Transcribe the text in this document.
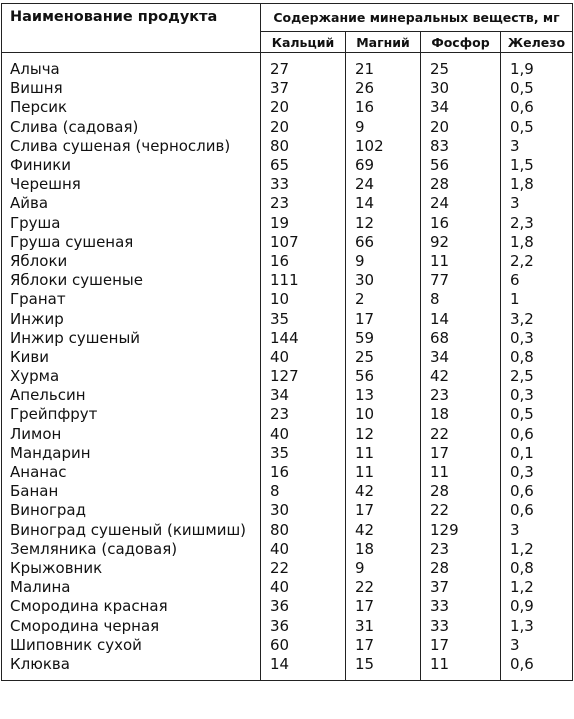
Наименование продукта	Содержание минеральных веществ, мг			
	Кальций	Магний	Фосфор	Железо
Алыча	27	21	25	1,9
Вишня	37	26	30	0,5
Персик	20	16	34	0,6
Слива (садовая)	20	9	20	0,5
Слива сушеная (чернослив)	80	102	83	3
Финики	65	69	56	1,5
Черешня	33	24	28	1,8
Айва	23	14	24	3
Груша	19	12	16	2,3
Груша сушеная	107	66	92	1,8
Яблоки	16	9	11	2,2
Яблоки сушеные	111	30	77	6
Гранат	10	2	8	1
Инжир	35	17	14	3,2
Инжир сушеный	144	59	68	0,3
Киви	40	25	34	0,8
Хурма	127	56	42	2,5
Апельсин	34	13	23	0,3
Грейпфрут	23	10	18	0,5
Лимон	40	12	22	0,6
Мандарин	35	11	17	0,1
Ананас	16	11	11	0,3
Банан	8	42	28	0,6
Виноград	30	17	22	0,6
Виноград сушеный (кишмиш)	80	42	129	3
Земляника (садовая)	40	18	23	1,2
Крыжовник	22	9	28	0,8
Малина	40	22	37	1,2
Смородина красная	36	17	33	0,9
Смородина черная	36	31	33	1,3
Шиповник сухой	60	17	17	3
Клюква	14	15	11	0,6
